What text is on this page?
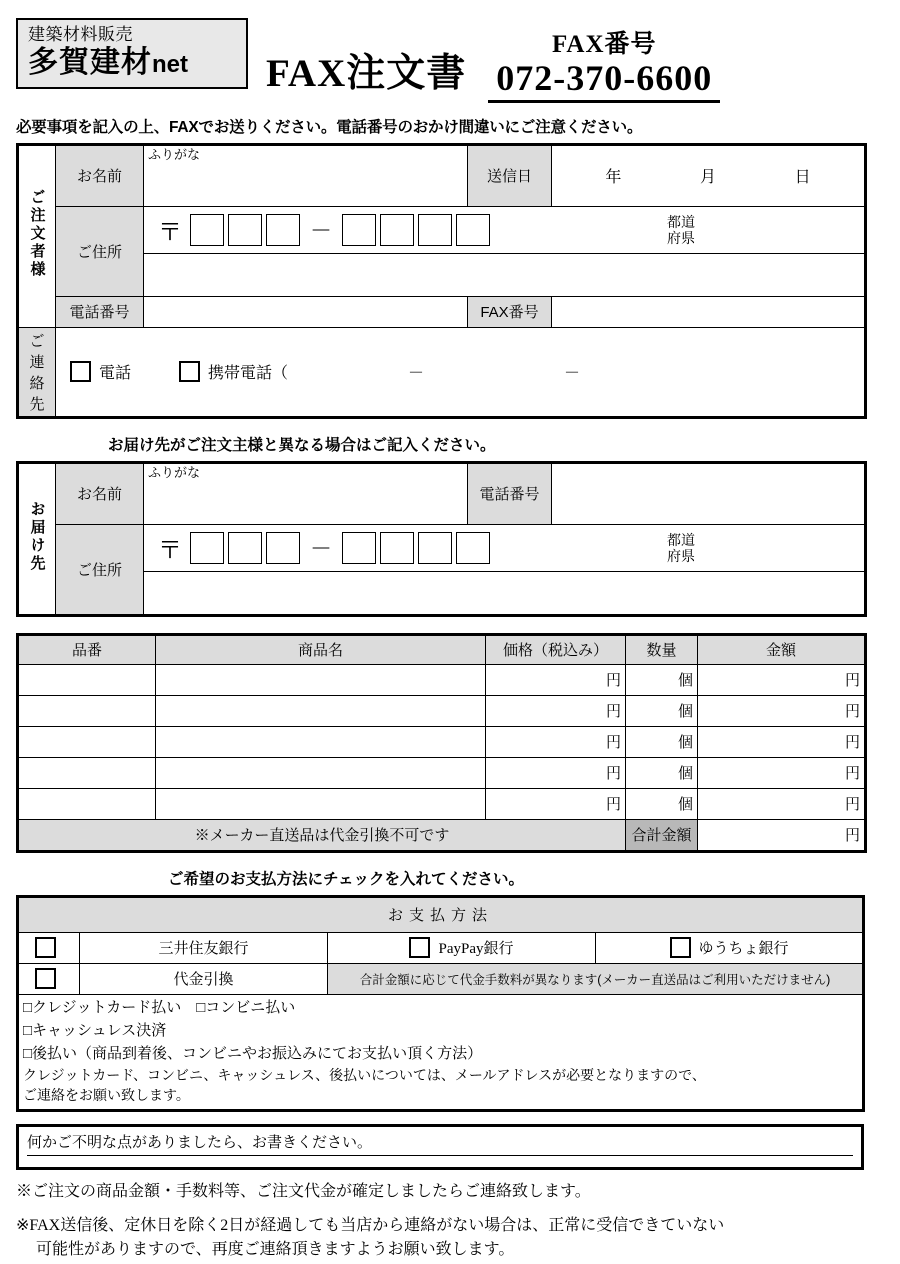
建築材料販売
多賀建材net	FAX注文書
FAX番号
072-370-6600
必要事項を記入の上、FAXでお送りください。電話番号のおかけ間違いにご注意ください。
ご注文者様	お名前	ふりがな	送信日	年 月 日

	ご住所	〒 － 都道
府県		

	電話番号		FAX番号	
ご連絡先	電話 携帯電話（ － －			
お届け先がご注文主様と異なる場合はご記入ください。
お届け先	お名前	ふりがな	電話番号	
	ご住所	〒 － 都道
府県		

品番	商品名	価格（税込み）	数量	金額
		円	個	円
		円	個	円
		円	個	円
		円	個	円
		円	個	円
※メーカー直送品は代金引換不可です			合計金額	円
ご希望のお支払方法にチェックを入れてください。
お支払方法			
	三井住友銀行	PayPay銀行	ゆうちょ銀行

	代金引換	合計金額に応じて代金手数料が異なります(メーカー直送品はご利用いただけません)	

□クレジットカード払い　□コンビニ払い
□キャッシュレス決済
□後払い（商品到着後、コンビニやお振込みにてお支払い頂く方法）
クレジットカード、コンビニ、キャッシュレス、後払いについては、メールアドレスが必要となりますので、
ご連絡をお願い致します。			
何かご不明な点がありましたら、お書きください。
※ご注文の商品金額・手数料等、ご注文代金が確定しましたらご連絡致します。
※FAX送信後、定休日を除く2日が経過しても当店から連絡がない場合は、正常に受信できていない
可能性がありますので、再度ご連絡頂きますようお願い致します。
